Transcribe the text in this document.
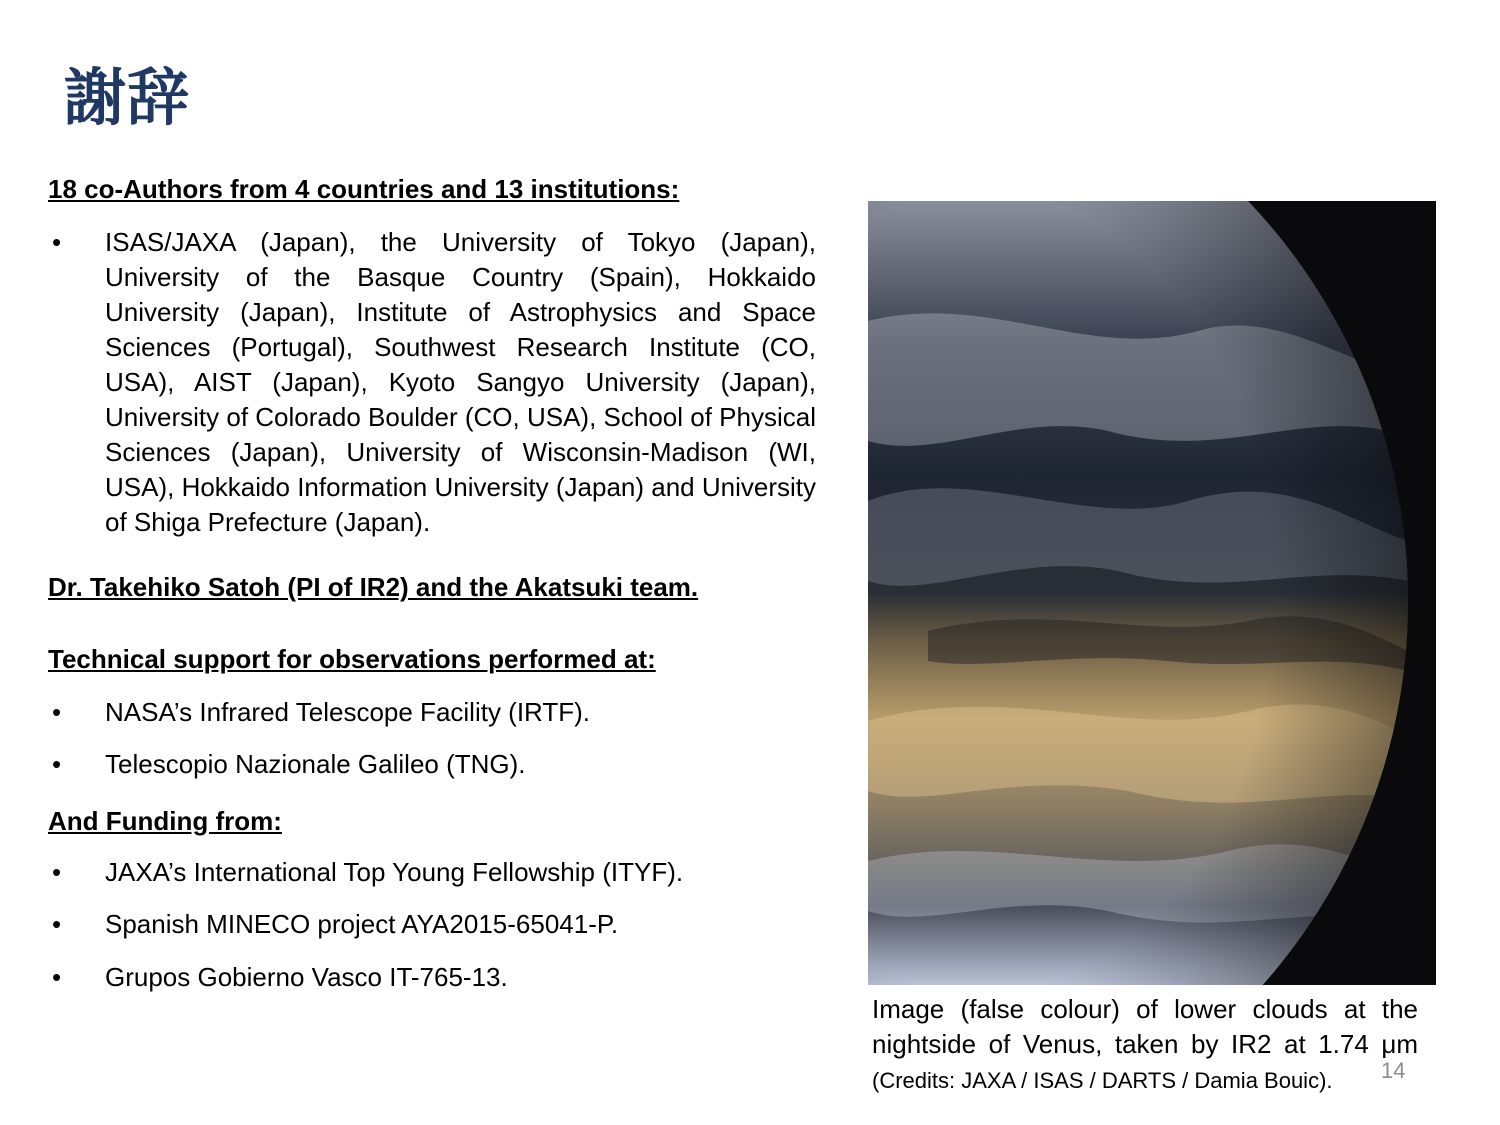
謝辞

18 co-Authors from 4 countries and 13 institutions:

• ISAS/JAXA (Japan), the University of Tokyo (Japan), University of the Basque Country (Spain), Hokkaido University (Japan), Institute of Astrophysics and Space Sciences (Portugal), Southwest Research Institute (CO, USA), AIST (Japan), Kyoto Sangyo University (Japan), University of Colorado Boulder (CO, USA), School of Physical Sciences (Japan), University of Wisconsin-Madison (WI, USA), Hokkaido Information University (Japan) and University of Shiga Prefecture (Japan).

Dr. Takehiko Satoh (PI of IR2) and the Akatsuki team.

Technical support for observations performed at:

• NASA’s Infrared Telescope Facility (IRTF).
• Telescopio Nazionale Galileo (TNG).

And Funding from:

• JAXA’s International Top Young Fellowship (ITYF).
• Spanish MINECO project AYA2015-65041-P.
• Grupos Gobierno Vasco IT-765-13.
Image (false colour) of lower clouds at the nightside of Venus, taken by IR2 at 1.74 μm (Credits: JAXA / ISAS / DARTS / Damia Bouic).	14
